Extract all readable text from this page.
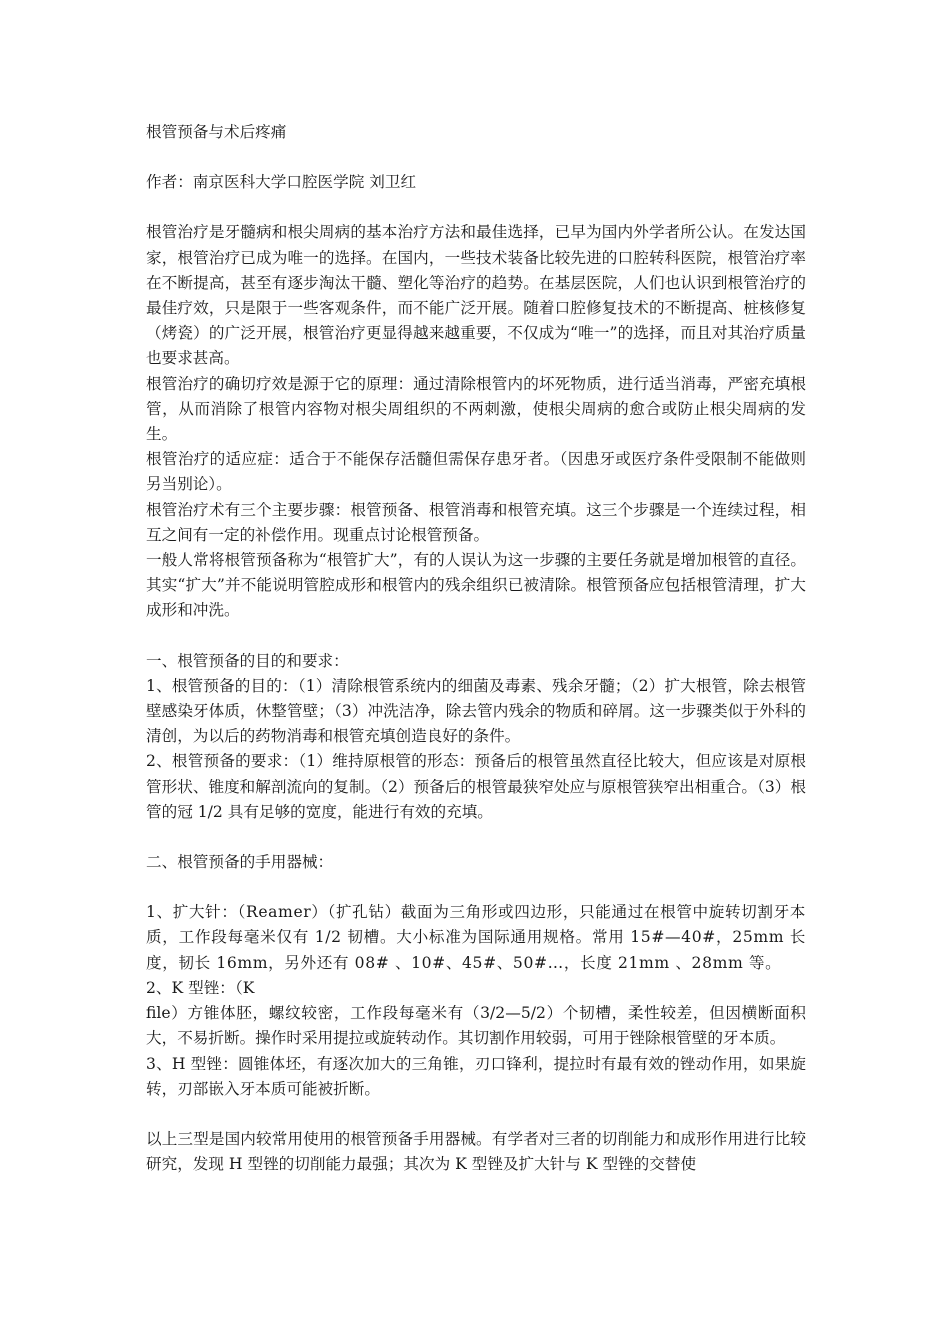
根管预备与术后疼痛

作者：南京医科大学口腔医学院 刘卫红

根管治疗是牙髓病和根尖周病的基本治疗方法和最佳选择，已早为国内外学者所公认。在发达国家，根管治疗已成为唯一的选择。在国内，一些技术装备比较先进的口腔转科医院，根管治疗率在不断提高，甚至有逐步淘汰干髓、塑化等治疗的趋势。在基层医院，人们也认识到根管治疗的最佳疗效，只是限于一些客观条件，而不能广泛开展。随着口腔修复技术的不断提高、桩核修复（烤瓷）的广泛开展，根管治疗更显得越来越重要，不仅成为“唯一”的选择，而且对其治疗质量也要求甚高。

根管治疗的确切疗效是源于它的原理：通过清除根管内的坏死物质，进行适当消毒，严密充填根管，从而消除了根管内容物对根尖周组织的不两刺激，使根尖周病的愈合或防止根尖周病的发生。

根管治疗的适应症：适合于不能保存活髓但需保存患牙者。（因患牙或医疗条件受限制不能做则另当别论）。

根管治疗术有三个主要步骤：根管预备、根管消毒和根管充填。这三个步骤是一个连续过程，相互之间有一定的补偿作用。现重点讨论根管预备。

一般人常将根管预备称为“根管扩大”，有的人误认为这一步骤的主要任务就是增加根管的直径。其实“扩大”并不能说明管腔成形和根管内的残余组织已被清除。根管预备应包括根管清理，扩大成形和冲洗。

一、根管预备的目的和要求：

1、根管预备的目的：（1）清除根管系统内的细菌及毒素、残余牙髓；（2）扩大根管，除去根管壁感染牙体质，休整管壁；（3）冲洗洁净，除去管内残余的物质和碎屑。这一步骤类似于外科的清创，为以后的药物消毒和根管充填创造良好的条件。

2、根管预备的要求：（1）维持原根管的形态：预备后的根管虽然直径比较大，但应该是对原根管形状、锥度和解剖流向的复制。（2）预备后的根管最狭窄处应与原根管狭窄出相重合。（3）根管的冠 1/2 具有足够的宽度，能进行有效的充填。

二、根管预备的手用器械：

1、扩大针：（Reamer）（扩孔钻）截面为三角形或四边形，只能通过在根管中旋转切割牙本质，工作段每毫米仅有 1/2 韧槽。大小标准为国际通用规格。常用 15#—40#，25mm 长度，韧长 16mm，另外还有 08# 、10#、45#、50#…，长度 21mm 、28mm 等。

2、K 型锉：（K

file）方锥体胚，螺纹较密，工作段每毫米有（3/2—5/2）个韧槽，柔性较差，但因横断面积大，不易折断。操作时采用提拉或旋转动作。其切割作用较弱，可用于锉除根管壁的牙本质。

3、H 型锉：圆锥体坯，有逐次加大的三角锥，刃口锋利，提拉时有最有效的锉动作用，如果旋转，刃部嵌入牙本质可能被折断。

以上三型是国内较常用使用的根管预备手用器械。有学者对三者的切削能力和成形作用进行比较研究，发现 H 型锉的切削能力最强；其次为 K 型锉及扩大针与 K 型锉的交替使
